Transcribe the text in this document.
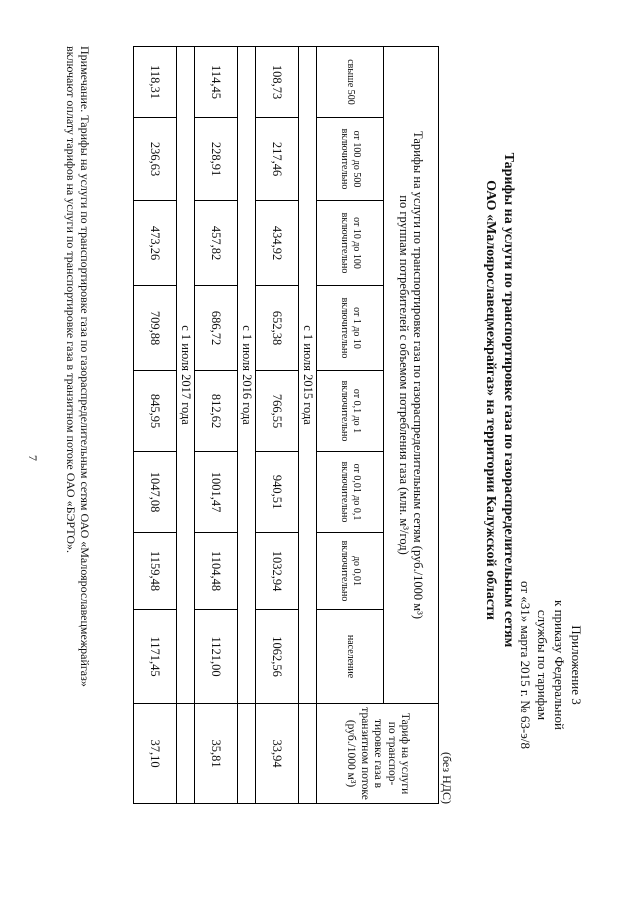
Приложение 3
к приказу Федеральной
службы по тарифам
от «31» марта 2015 г. № 63-э/8
Тарифы на услуги по транспортировке газа по газораспределительным сетям
ОАО «Малоярославецмежрайгаз» на территории Калужской области
(без НДС)
Тарифы на услуги по транспортировке газа по газораспределительным сетям (руб./1000 м³)
по группам потребителей с объемом потребления газа (млн. м³/год)								Тариф на услуги по транспор-тировке газа в транзитном потоке (руб./1000 м³)
свыше 500	от 100 до 500 включительно	от 10 до 100 включительно	от 1 до 10 включительно	от 0,1 до 1 включительно	от 0,01 до 0,1 включительно	до 0,01 включительно	население	
с 1 июля 2015 года								
108,73	217,46	434,92	652,38	766,55	940,51	1032,94	1062,56	33,94
с 1 июля 2016 года								
114,45	228,91	457,82	686,72	812,62	1001,47	1104,48	1121,00	35,81
с 1 июля 2017 года								
118,31	236,63	473,26	709,88	845,95	1047,08	1159,48	1171,45	37,10
Примечание. Тарифы на услуги по транспортировке газа по газораспределительным сетям ОАО «Малоярославецмежрайгаз»
включают оплату тарифов на услуги по транспортировке газа в транзитном потоке ОАО «БЭРТО».
7
